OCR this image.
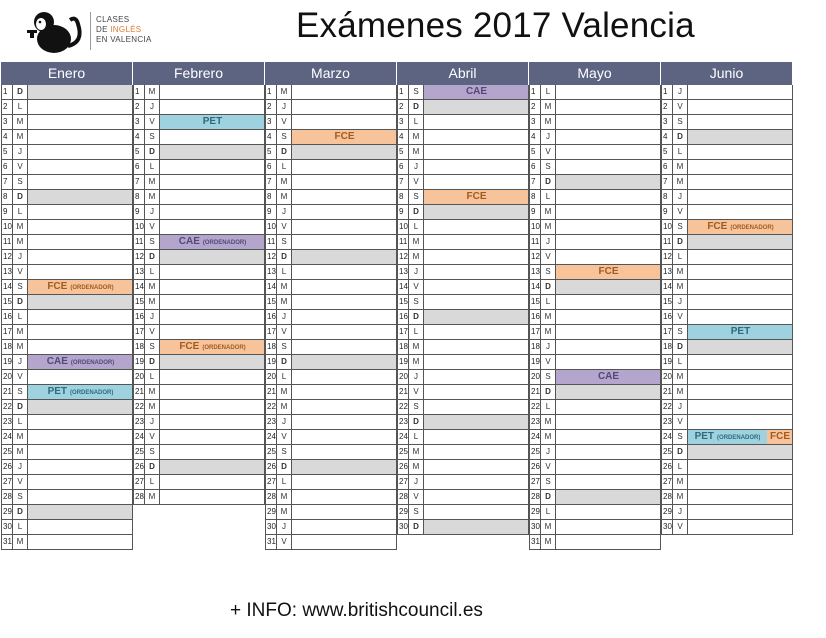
CLASES
DE INGLÉS
EN VALENCIA	Exámenes 2017 Valencia
Enero
1	D
2	L
3	M
4	M
5	J
6	V
7	S
8	D
9	L
10 M
11 M
12 J
13 V
14 S	FCE (ORDENADOR)
15 D
16 L
17 M
18 M
19 J	CAE (ORDENADOR)
20 V
21 S	PET (ORDENADOR)
22 D
23 L
24 M
25 M
26 J
27 V
28 S
29 D
30 L
31 M
Febrero
1	M
2	J
3	V	PET
4	S
5	D
6	L
7	M
8	M
9	J
10 V
11 S	CAE (ORDENADOR)
12 D
13 L
14 M
15 M
16 J
17 V
18 S	FCE (ORDENADOR)
19 D
20 L
21 M
22 M
23 J
24 V
25 S
26 D
27 L
28 M
Marzo
1	M
2	J
3	V
4	S	FCE
5	D
6	L
7	M
8	M
9	J
10 V
11 S
12 D
13 L
14 M
15 M
16 J
17 V
18 S
19 D
20 L
21 M
22 M
23 J
24 V
25 S
26 D
27 L
28 M
29 M
30 J
31 V
Abril
1	S	CAE
2	D
3	L
4	M
5	M
6	J
7	V
8	S	FCE
9	D
10 L
11 M
12 M
13 J
14 V
15 S
16 D
17 L
18 M
19 M
20 J
21 V
22 S
23 D
24 L
25 M
26 M
27 J
28 V
29 S
30 D
Mayo
1	L
2	M
3	M
4	J
5	V
6	S
7	D
8	L
9	M
10 M
11 J
12 V
13 S	FCE
14 D
15 L
16 M
17 M
18 J
19 V
20 S	CAE
21 D
22 L
23 M
24 M
25 J
26 V
27 S
28 D
29 L
30 M
31 M
Junio
1	J
2	V
3	S
4	D
5	L
6	M
7	M
8	J
9	V
10 S	FCE (ORDENADOR)
11 D
12 L
13 M
14 M
15 J
16 V
17 S	PET
18 D
19 L
20 M
21 M
22 J
23 V
24 S	PET (ORDENADOR) FCE
25 D
26 L
27 M
28 M
29 J
30 V
+ INFO: www.britishcouncil.es
